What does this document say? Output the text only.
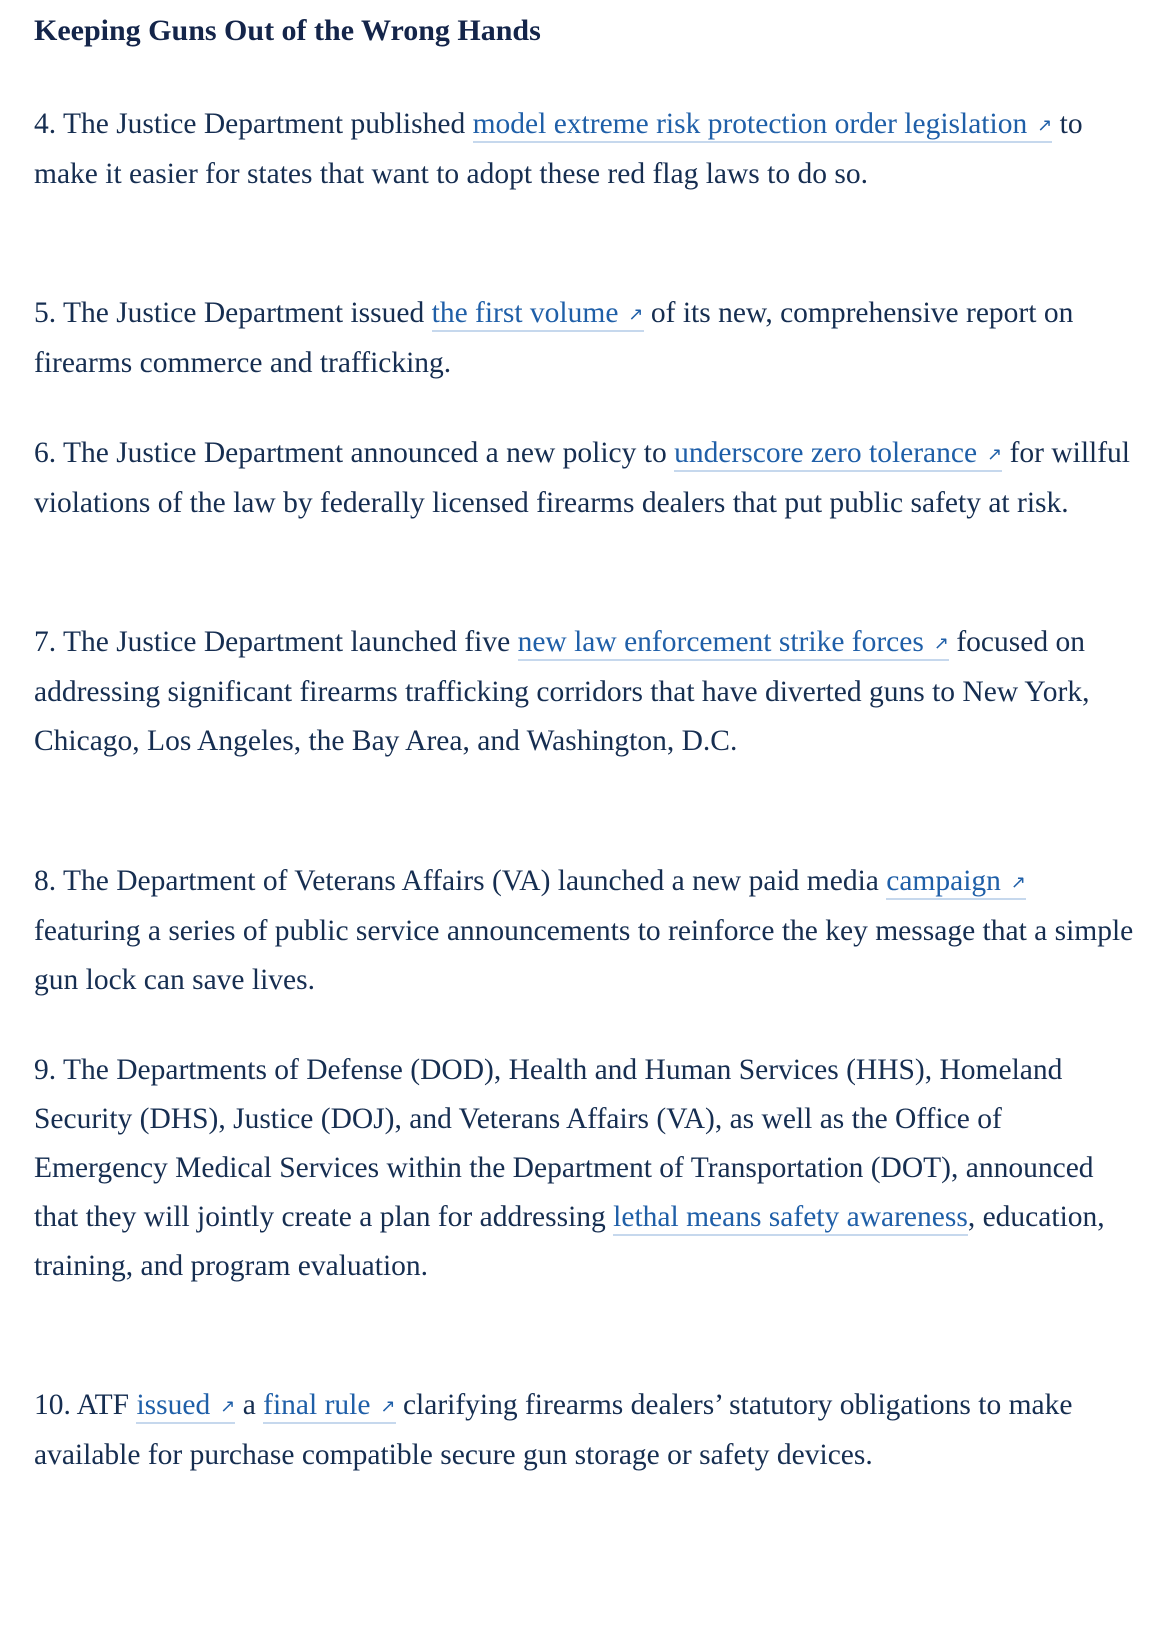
Keeping Guns Out of the Wrong Hands

4. The Justice Department published model extreme risk protection order legislation ↗ to make it easier for states that want to adopt these red flag laws to do so.

5. The Justice Department issued the first volume ↗ of its new, comprehensive report on firearms commerce and trafficking.

6. The Justice Department announced a new policy to underscore zero tolerance ↗ for willful violations of the law by federally licensed firearms dealers that put public safety at risk.

7. The Justice Department launched five new law enforcement strike forces ↗ focused on addressing significant firearms trafficking corridors that have diverted guns to New York, Chicago, Los Angeles, the Bay Area, and Washington, D.C.

8. The Department of Veterans Affairs (VA) launched a new paid media campaign ↗ featuring a series of public service announcements to reinforce the key message that a simple gun lock can save lives.

9. The Departments of Defense (DOD), Health and Human Services (HHS), Homeland Security (DHS), Justice (DOJ), and Veterans Affairs (VA), as well as the Office of Emergency Medical Services within the Department of Transportation (DOT), announced that they will jointly create a plan for addressing lethal means safety awareness, education, training, and program evaluation.

10. ATF issued ↗ a final rule ↗ clarifying firearms dealers’ statutory obligations to make available for purchase compatible secure gun storage or safety devices.
